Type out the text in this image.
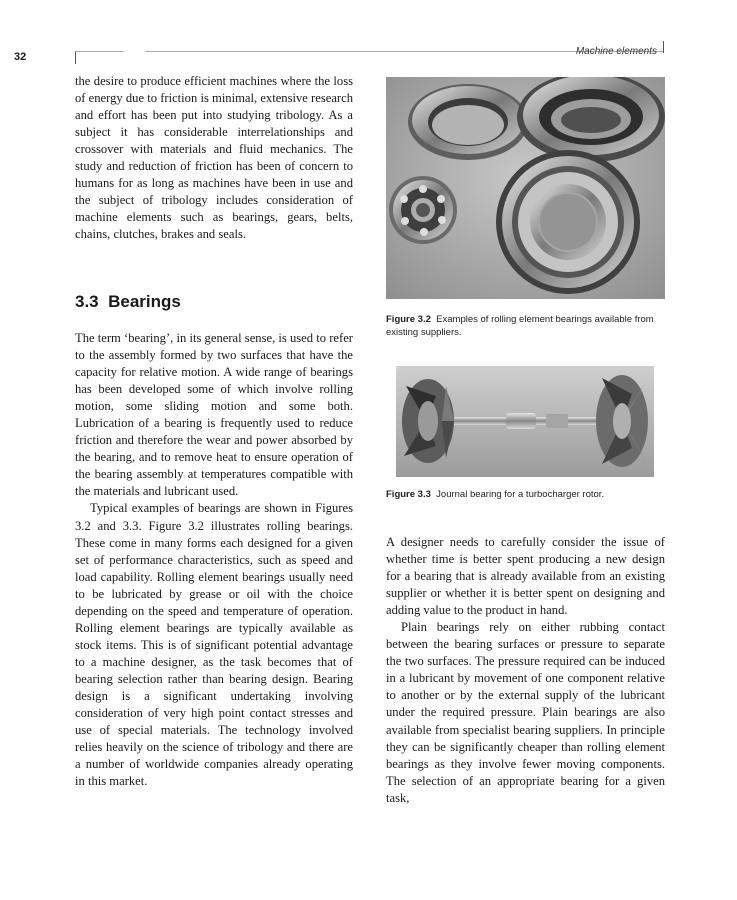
32	Machine elements

the desire to produce efficient machines where the loss of energy due to friction is minimal, extensive research and effort has been put into studying tribology. As a subject it has considerable interrelationships and crossover with materials and fluid mechanics. The study and reduction of friction has been of concern to humans for as long as machines have been in use and the subject of tribology includes consideration of machine elements such as bearings, gears, belts, chains, clutches, brakes and seals.

3.3 Bearings

The term ‘bearing’, in its general sense, is used to refer to the assembly formed by two surfaces that have the capacity for relative motion. A wide range of bearings has been developed some of which involve rolling motion, some sliding motion and some both. Lubrication of a bearing is frequently used to reduce friction and therefore the wear and power absorbed by the bearing, and to remove heat to ensure operation of the bearing assembly at temperatures compatible with the materials and lubricant used.

Typical examples of bearings are shown in Figures 3.2 and 3.3. Figure 3.2 illustrates rolling bearings. These come in many forms each designed for a given set of performance characteristics, such as speed and load capability. Rolling element bearings usually need to be lubricated by grease or oil with the choice depending on the speed and temperature of operation. Rolling element bearings are typically available as stock items. This is of significant potential advantage to a machine designer, as the task becomes that of bearing selection rather than bearing design. Bearing design is a significant undertaking involving consideration of very high point contact stresses and use of special materials. The technology involved relies heavily on the science of tribology and there are a number of worldwide companies already operating in this market.

Figure 3.2 Examples of rolling element bearings available from existing suppliers.
Figure 3.3 Journal bearing for a turbocharger rotor.

A designer needs to carefully consider the issue of whether time is better spent producing a new design for a bearing that is already available from an existing supplier or whether it is better spent on designing and adding value to the product in hand.

Plain bearings rely on either rubbing contact between the bearing surfaces or pressure to separate the two surfaces. The pressure required can be induced in a lubricant by movement of one component relative to another or by the external supply of the lubricant under the required pressure. Plain bearings are also available from specialist bearing suppliers. In principle they can be significantly cheaper than rolling element bearings as they involve fewer moving components. The selection of an appropriate bearing for a given task,
